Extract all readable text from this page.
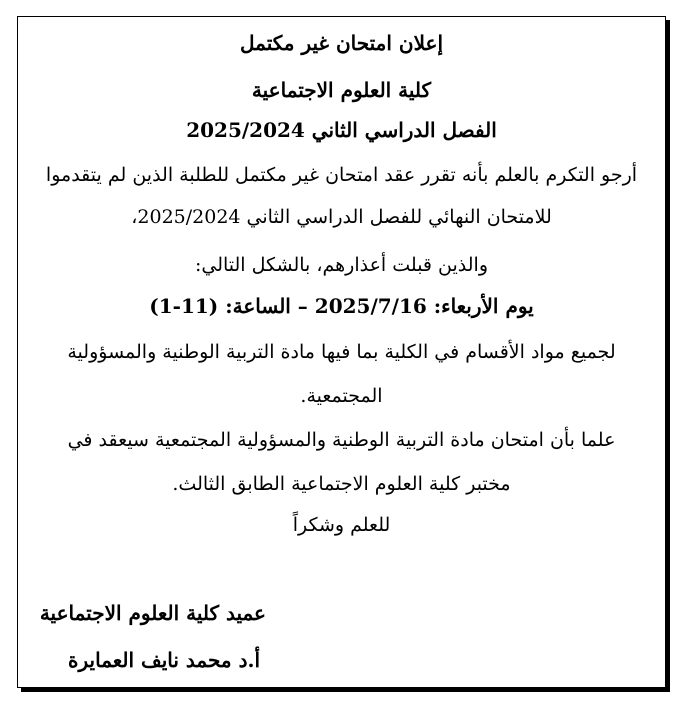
إعلان امتحان غير مكتمل
كلية العلوم الاجتماعية
الفصل الدراسي الثاني 2025/2024
أرجو التكرم بالعلم بأنه تقرر عقد امتحان غير مكتمل للطلبة الذين لم يتقدموا
للامتحان النهائي للفصل الدراسي الثاني 2025/2024،
والذين قبلت أعذارهم، بالشكل التالي:
يوم الأربعاء: 2025/7/16 – الساعة: (11-1)
لجميع مواد الأقسام في الكلية بما فيها مادة التربية الوطنية والمسؤولية
المجتمعية.
علما بأن امتحان مادة التربية الوطنية والمسؤولية المجتمعية سيعقد في
مختبر كلية العلوم الاجتماعية الطابق الثالث.
للعلم وشكراً
عميد كلية العلوم الاجتماعية
أ.د محمد نايف العمايرة
